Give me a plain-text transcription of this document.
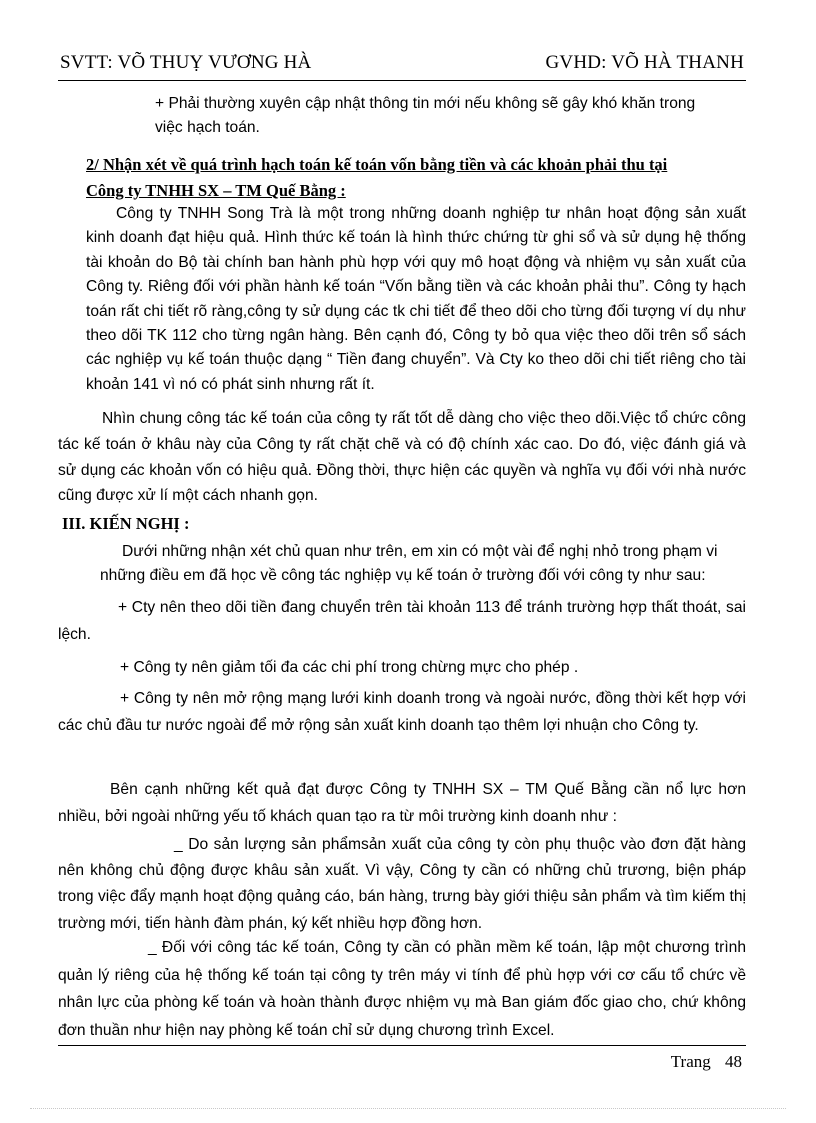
SVTT: VÕ THUỴ VƯƠNG HÀ	GVHD: VÕ HÀ THANH

+ Phải thường xuyên cập nhật thông tin mới nếu không sẽ gây khó khăn trong

việc hạch toán.

2/ Nhận xét về quá trình hạch toán kế toán vốn bằng tiền và các khoản phải thu tại
Công ty TNHH SX – TM Quế Bằng :

Công ty TNHH Song Trà là một trong những doanh nghiệp tư nhân hoạt động sản xuất kinh doanh đạt hiệu quả. Hình thức kế toán là hình thức chứng từ ghi sổ và sử dụng hệ thống tài khoản do Bộ tài chính ban hành phù hợp với quy mô hoạt động và nhiệm vụ sản xuất của Công ty. Riêng đối với phần hành kế toán “Vốn bằng tiền và các khoản phải thu”. Công ty hạch toán rất chi tiết rõ ràng,công ty sử dụng các tk chi tiết để theo dõi cho từng đối tượng ví dụ như theo dõi TK 112 cho từng ngân hàng. Bên cạnh đó, Công ty bỏ qua việc theo dõi trên sổ sách các nghiệp vụ kế toán thuộc dạng “ Tiền đang chuyển”. Và Cty ko theo dõi chi tiết riêng cho tài khoản 141 vì nó có phát sinh nhưng rất ít.

Nhìn chung công tác kế toán của công ty rất tốt dễ dàng cho việc theo dõi.Việc tổ chức công tác kế toán ở khâu này của Công ty rất chặt chẽ và có độ chính xác cao. Do đó, việc đánh giá và sử dụng các khoản vốn có hiệu quả. Đồng thời, thực hiện các quyền và nghĩa vụ đối với nhà nước cũng được xử lí một cách nhanh gọn.

III. KIẾN NGHỊ :

Dưới những nhận xét chủ quan như trên, em xin có một vài để nghị nhỏ trong phạm vi

những điều em đã học về công tác nghiệp vụ kế toán ở trường đối với công ty như sau:

+ Cty nên theo dõi tiền đang chuyển trên tài khoản 113 để tránh trường hợp thất thoát, sai lệch.

+ Công ty nên giảm tối đa các chi phí trong chừng mực cho phép .

+ Công ty nên mở rộng mạng lưới kinh doanh trong và ngoài nước, đồng thời kết hợp với các chủ đầu tư nước ngoài để mở rộng sản xuất kinh doanh tạo thêm lợi nhuận cho Công ty.

Bên cạnh những kết quả đạt được Công ty TNHH SX – TM Quế Bằng cần nổ lực hơn nhiều, bởi ngoài những yếu tố khách quan tạo ra từ môi trường kinh doanh như :

_ Do sản lượng sản phẩmsản xuất của công ty còn phụ thuộc vào đơn đặt hàng nên không chủ động được khâu sản xuất. Vì vậy, Công ty cần có những chủ trương, biện pháp trong việc đẩy mạnh hoạt động quảng cáo, bán hàng, trưng bày giới thiệu sản phẩm và tìm kiếm thị trường mới, tiến hành đàm phán, ký kết nhiều hợp đồng hơn.

_ Đối với công tác kế toán, Công ty cần có phần mềm kế toán, lập một chương trình quản lý riêng của hệ thống kế toán tại công ty trên máy vi tính để phù hợp với cơ cấu tổ chức về nhân lực của phòng kế toán và hoàn thành được nhiệm vụ mà Ban giám đốc giao cho, chứ không đơn thuần như hiện nay phòng kế toán chỉ sử dụng chương trình Excel.

Trang 48
